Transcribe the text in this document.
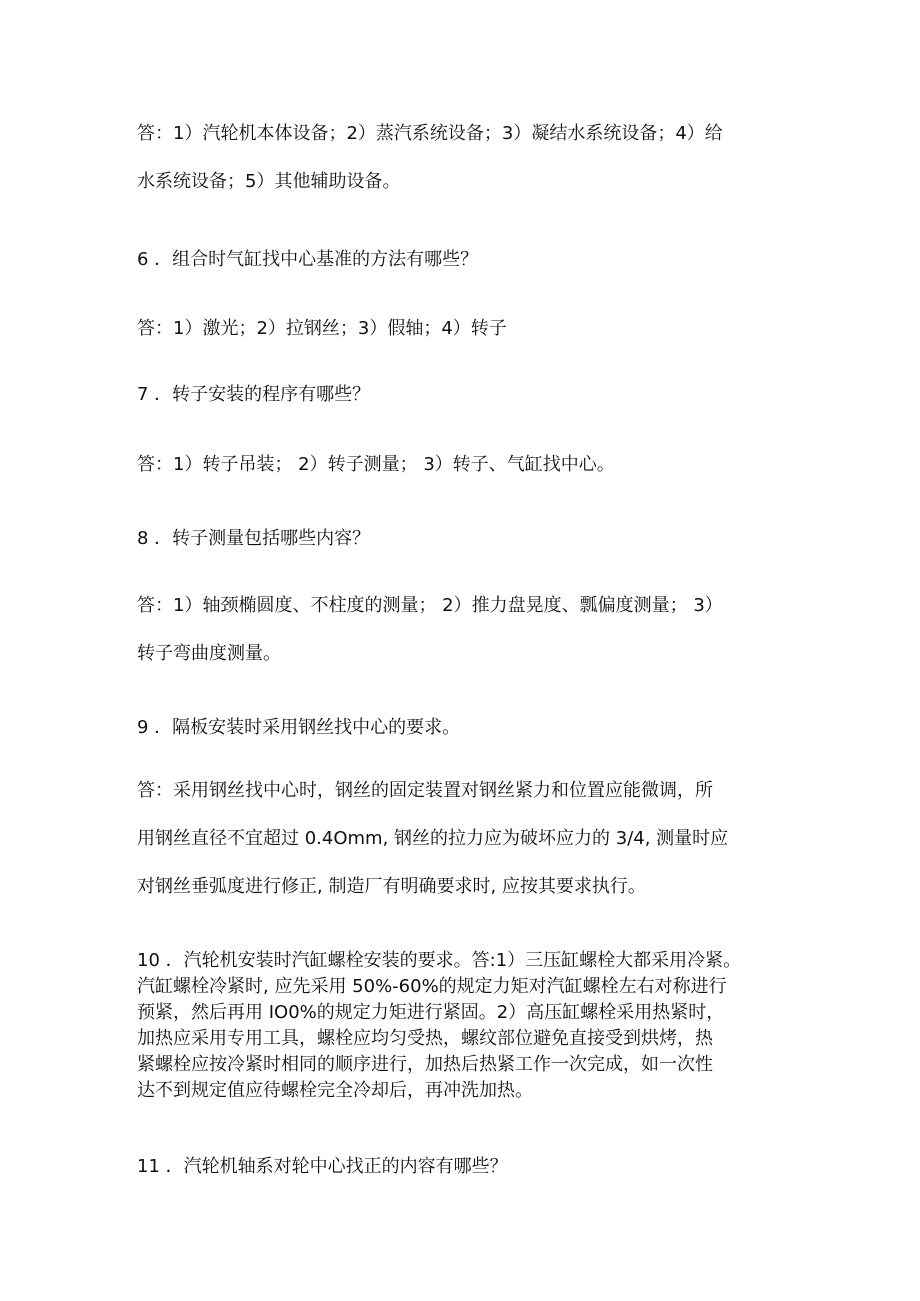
答：1）汽轮机本体设备；2）蒸汽系统设备；3）凝结水系统设备；4）给
水系统设备；5）其他辅助设备。

6 ．组合时气缸找中心基准的方法有哪些？

答：1）激光；2）拉钢丝；3）假轴；4）转子

7 ．转子安装的程序有哪些？

答：1）转子吊装； 2）转子测量； 3）转子、气缸找中心。

8 ．转子测量包括哪些内容？

答：1）轴颈椭圆度、不柱度的测量； 2）推力盘晃度、瓢偏度测量； 3）
转子弯曲度测量。

9 ．隔板安装时采用钢丝找中心的要求。

答：采用钢丝找中心时，钢丝的固定装置对钢丝紧力和位置应能微调，所
用钢丝直径不宜超过 0.4Omm, 钢丝的拉力应为破坏应力的 3/4, 测量时应
对钢丝垂弧度进行修正, 制造厂有明确要求时, 应按其要求执行。

10 ．汽轮机安装时汽缸螺栓安装的要求。答:1）三压缸螺栓大都采用冷紧。
汽缸螺栓冷紧时, 应先采用 50%-60%的规定力矩对汽缸螺栓左右对称进行
预紧，然后再用 IO0%的规定力矩进行紧固。2）高压缸螺栓采用热紧时，
加热应采用专用工具，螺栓应均匀受热，螺纹部位避免直接受到烘烤，热
紧螺栓应按冷紧时相同的顺序进行，加热后热紧工作一次完成，如一次性
达不到规定值应待螺栓完全冷却后，再冲洗加热。

11 ．汽轮机轴系对轮中心找正的内容有哪些？
